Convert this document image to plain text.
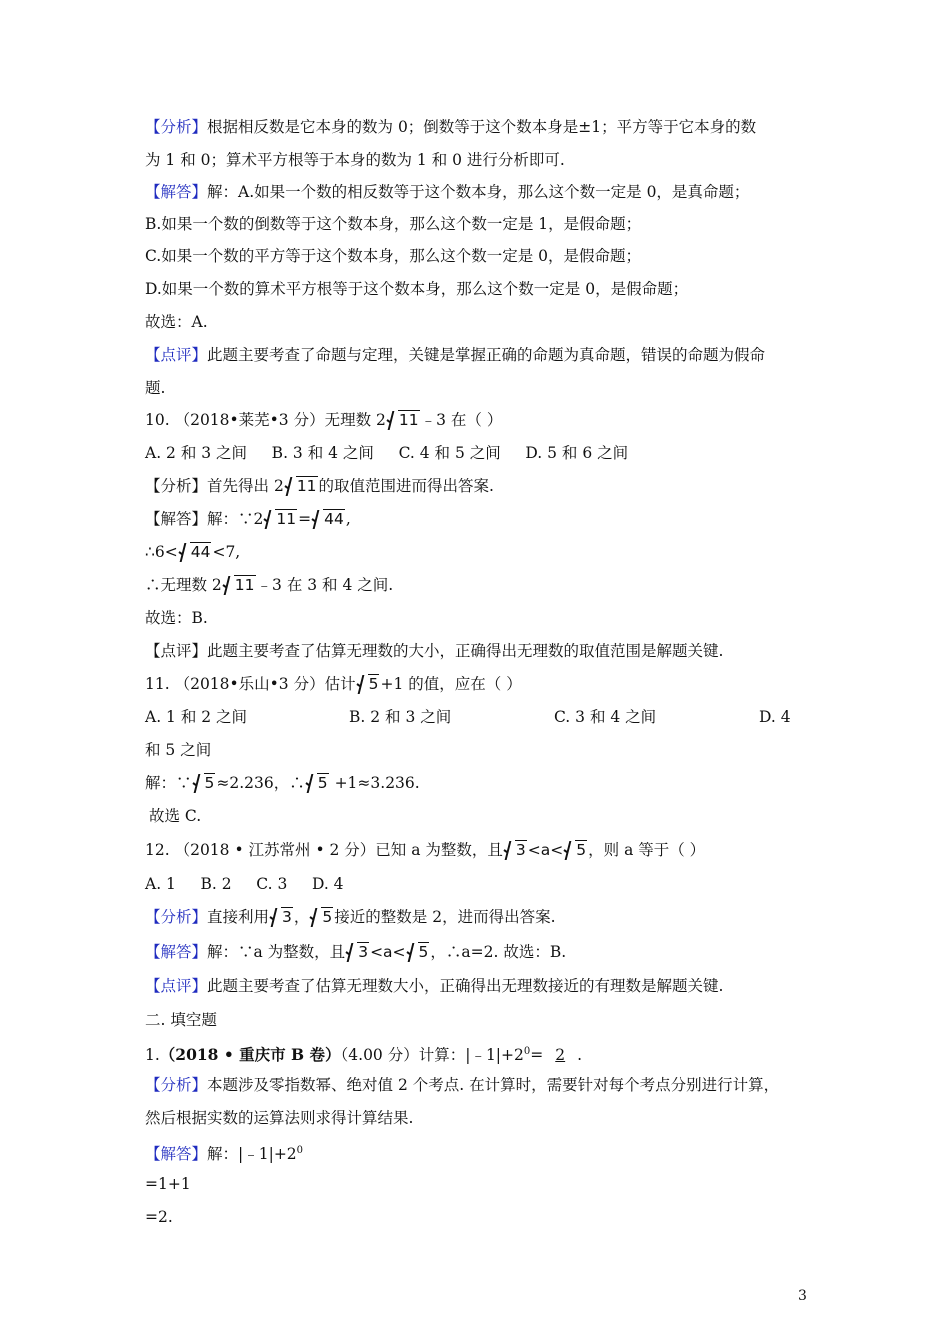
【分析】根据相反数是它本身的数为 0；倒数等于这个数本身是±1；平方等于它本身的数
为 1 和 0；算术平方根等于本身的数为 1 和 0 进行分析即可.
【解答】解：A.如果一个数的相反数等于这个数本身，那么这个数一定是 0，是真命题；
B.如果一个数的倒数等于这个数本身，那么这个数一定是 1，是假命题；
C.如果一个数的平方等于这个数本身，那么这个数一定是 0，是假命题；
D.如果一个数的算术平方根等于这个数本身，那么这个数一定是 0，是假命题；
故选：A.
【点评】此题主要考查了命题与定理，关键是掌握正确的命题为真命题，错误的命题为假命
题.
10. （2018•莱芜•3 分）无理数 2 11 ﹣3 在（ ）
A. 2 和 3 之间     B. 3 和 4 之间     C. 4 和 5 之间     D. 5 和 6 之间
【分析】首先得出 2 11 的取值范围进而得出答案.
【解答】解：∵2 11 = 44 ,
∴6< 44 <7,
∴无理数 2 11 ﹣3 在 3 和 4 之间.
故选：B.
【点评】此题主要考查了估算无理数的大小，正确得出无理数的取值范围是解题关键.
11. （2018•乐山•3 分）估计 5 +1 的值，应在（ ）
A. 1 和 2 之间	B. 2 和 3 之间	C. 3 和 4 之间	D. 4
和 5 之间
解：∵ 5 ≈2.236，∴ 5 +1≈3.236.
故选 C.
12. （2018 • 江苏常州 • 2 分）已知 a 为整数，且 3 <a< 5 ，则 a 等于（ ）
A. 1     B. 2     C. 3     D. 4
【分析】直接利用 3 ， 5 接近的整数是 2，进而得出答案.
【解答】解：∵a 为整数，且 3 <a< 5 ，∴a=2. 故选：B.
【点评】此题主要考查了估算无理数大小，正确得出无理数接近的有理数是解题关键.
二. 填空题
1.（2018 • 重庆市 B 卷）（4.00 分）计算：$|﹣1|+2^0= 2$ .
【分析】本题涉及零指数幂、绝对值 2 个考点. 在计算时，需要针对每个考点分别进行计算，
然后根据实数的运算法则求得计算结果.
【解答】解：$|﹣1|+2^0$
=1+1
=2.
3
